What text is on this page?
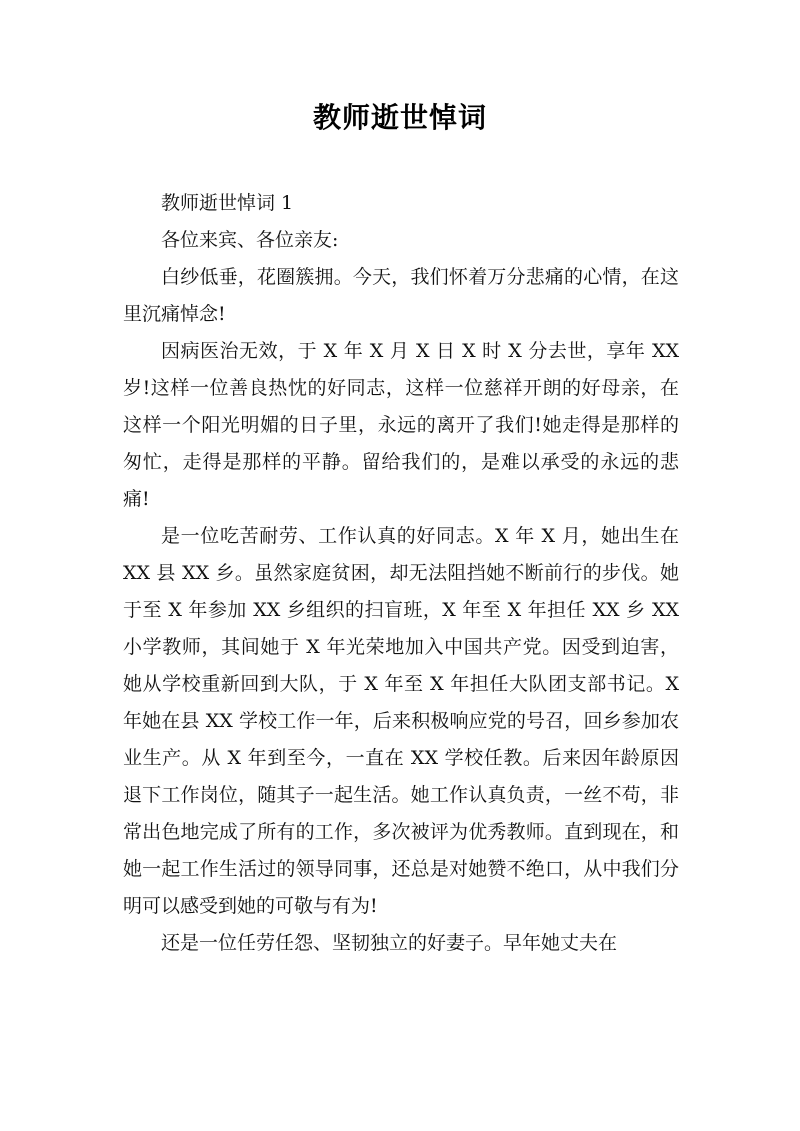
教师逝世悼词

教师逝世悼词 1

各位来宾、各位亲友:

白纱低垂，花圈簇拥。今天，我们怀着万分悲痛的心情，在这里沉痛悼念!

因病医治无效，于 X 年 X 月 X 日 X 时 X 分去世，享年 XX 岁!这样一位善良热忱的好同志，这样一位慈祥开朗的好母亲，在这样一个阳光明媚的日子里，永远的离开了我们!她走得是那样的匆忙，走得是那样的平静。留给我们的，是难以承受的永远的悲痛!

是一位吃苦耐劳、工作认真的好同志。X 年 X 月，她出生在 XX 县 XX 乡。虽然家庭贫困，却无法阻挡她不断前行的步伐。她于至 X 年参加 XX 乡组织的扫盲班，X 年至 X 年担任 XX 乡 XX 小学教师，其间她于 X 年光荣地加入中国共产党。因受到迫害，她从学校重新回到大队，于 X 年至 X 年担任大队团支部书记。X 年她在县 XX 学校工作一年，后来积极响应党的号召，回乡参加农业生产。从 X 年到至今，一直在 XX 学校任教。后来因年龄原因退下工作岗位，随其子一起生活。她工作认真负责，一丝不苟，非常出色地完成了所有的工作，多次被评为优秀教师。直到现在，和她一起工作生活过的领导同事，还总是对她赞不绝口，从中我们分明可以感受到她的可敬与有为!

还是一位任劳任怨、坚韧独立的好妻子。早年她丈夫在
